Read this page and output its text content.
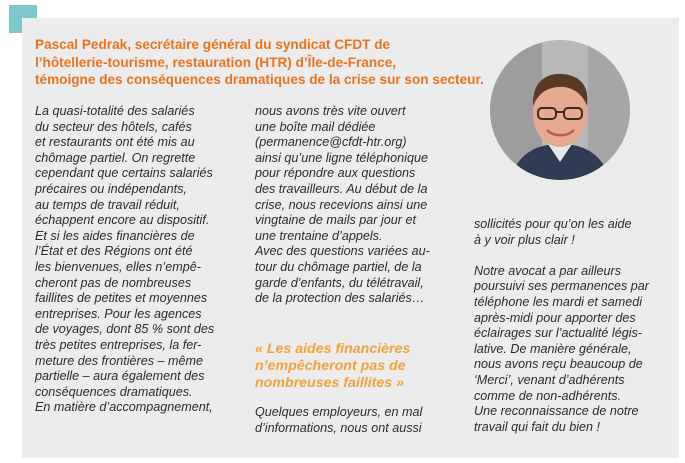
Pascal Pedrak, secrétaire général du syndicat CFDT de
l’hôtellerie-tourisme, restauration (HTR) d’Île-de-France,
témoigne des conséquences dramatiques de la crise sur son secteur.
La quasi-totalité des salariés
du secteur des hôtels, cafés
et restaurants ont été mis au
chômage partiel. On regrette
cependant que certains salariés
précaires ou indépendants,
au temps de travail réduit,
échappent encore au dispositif.
Et si les aides financières de
l’État et des Régions ont été
les bienvenues, elles n’empê-
cheront pas de nombreuses
faillites de petites et moyennes
entreprises. Pour les agences
de voyages, dont 85 % sont des
très petites entreprises, la fer-
meture des frontières – même
partielle – aura également des
conséquences dramatiques.
En matière d’accompagnement,
nous avons très vite ouvert
une boîte mail dédiée
(permanence@cfdt-htr.org)
ainsi qu’une ligne téléphonique
pour répondre aux questions
des travailleurs. Au début de la
crise, nous recevions ainsi une
vingtaine de mails par jour et
une trentaine d’appels.
Avec des questions variées au-
tour du chômage partiel, de la
garde d’enfants, du télétravail,
de la protection des salariés…
« Les aides financières
n’empêcheront pas de
nombreuses faillites »
Quelques employeurs, en mal
d’informations, nous ont aussi
sollicités pour qu’on les aide
à y voir plus clair !
Notre avocat a par ailleurs
poursuivi ses permanences par
téléphone les mardi et samedi
après-midi pour apporter des
éclairages sur l’actualité légis-
lative. De manière générale,
nous avons reçu beaucoup de
‘Merci’, venant d’adhérents
comme de non-adhérents.
Une reconnaissance de notre
travail qui fait du bien !
